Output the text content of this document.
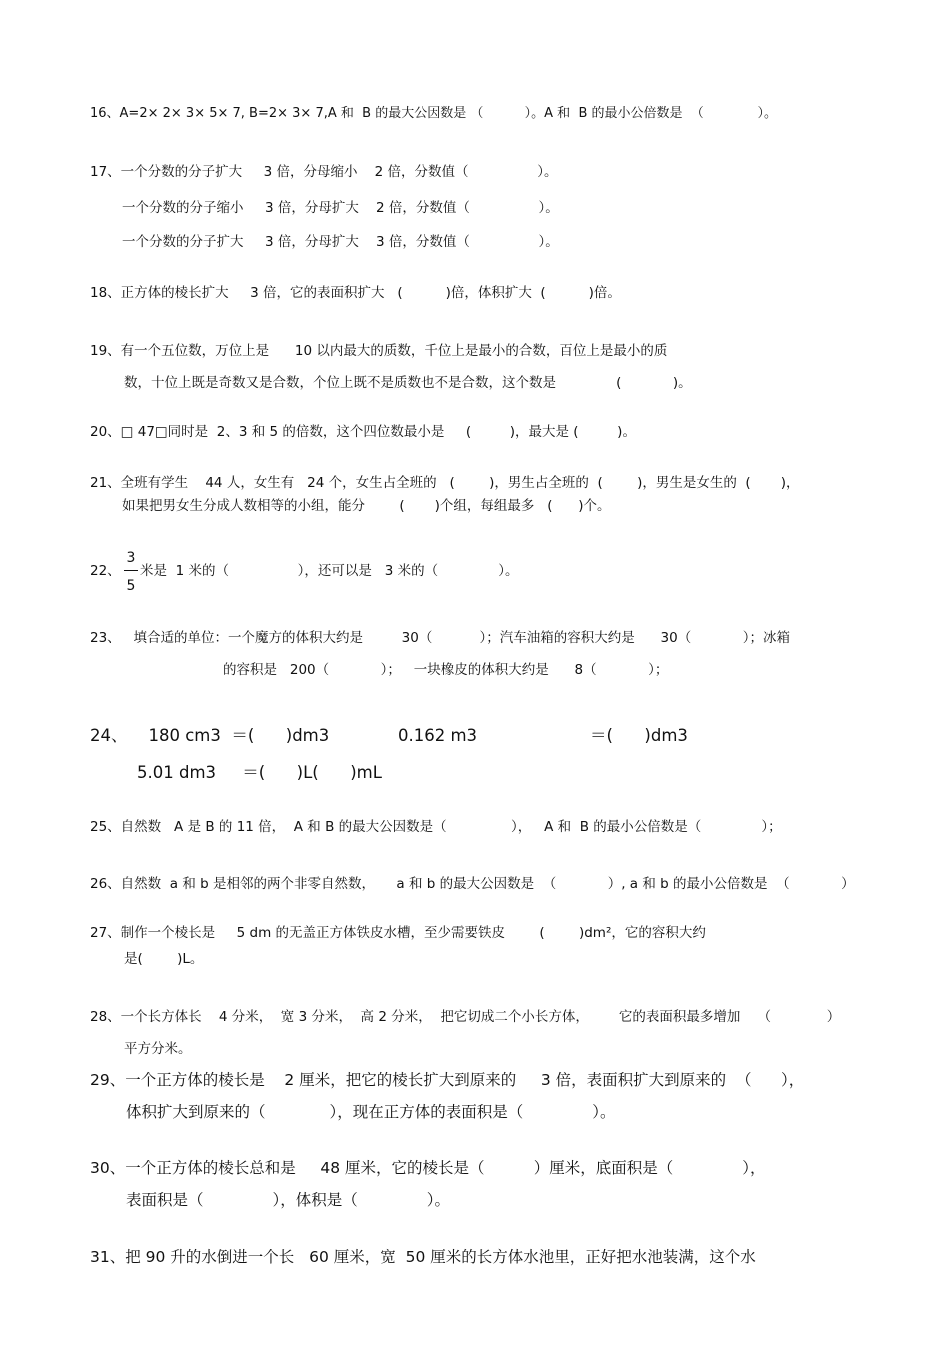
16、A=2× 2× 3× 5× 7, B=2× 3× 7,A 和  B 的最大公因数是 （          ）。A 和  B 的最小公倍数是  （             ）。
17、一个分数的分子扩大     3 倍，分母缩小    2 倍，分数值（                ）。
一个分数的分子缩小     3 倍，分母扩大    2 倍，分数值（                ）。
一个分数的分子扩大     3 倍，分母扩大    3 倍，分数值（                ）。
18、正方体的棱长扩大     3 倍，它的表面积扩大   (          )倍，体积扩大  (          )倍。
19、有一个五位数，万位上是      10 以内最大的质数，千位上是最小的合数，百位上是最小的质
数，十位上既是奇数又是合数，个位上既不是质数也不是合数，这个数是              (            )。
20、□ 47□同时是  2、3 和 5 的倍数，这个四位数最小是     (         )，最大是 (         )。
21、全班有学生    44 人，女生有   24 个，女生占全班的   (        )，男生占全班的  (        )，男生是女生的  (       )，
如果把男女生分成人数相等的小组，能分        (       )个组，每组最多   (      )个。
22、
3
5
米是  1 米的（                ），还可以是   3 米的（              ）。
23、   填合适的单位：一个魔方的体积大约是         30（           ）；汽车油箱的容积大约是      30（            ）；冰箱
的容积是   200（            ）；   一块橡皮的体积大约是      8（            ）；
24、    180 cm3  ＝(      )dm3	0.162 m3	＝(      )dm3
5.01 dm3     ＝(      )L(      )mL
25、自然数   A 是 B 的 11 倍，  A 和 B 的最大公因数是（               ），   A 和  B 的最小公倍数是（              ）；
26、自然数  a 和 b 是相邻的两个非零自然数，     a 和 b 的最大公因数是  （            ）, a 和 b 的最小公倍数是  （            ）
27、制作一个棱长是     5 dm 的无盖正方体铁皮水槽，至少需要铁皮        (        )dm²，它的容积大约
是(        )L。
28、一个长方体长    4 分米，  宽 3 分米，  高 2 分米，  把它切成二个小长方体，       它的表面积最多增加    （             ）
平方分米。
29、一个正方体的棱长是    2 厘米，把它的棱长扩大到原来的     3 倍，表面积扩大到原来的  （      ），
体积扩大到原来的（             ），现在正方体的表面积是（              ）。
30、一个正方体的棱长总和是     48 厘米，它的棱长是（          ）厘米，底面积是（              ），
表面积是（              ），体积是（              ）。
31、把 90 升的水倒进一个长   60 厘米，宽  50 厘米的长方体水池里，正好把水池装满，这个水
